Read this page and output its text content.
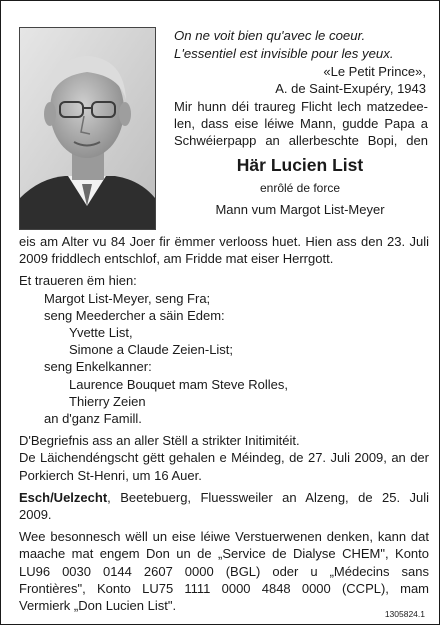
On ne voit bien qu'avec le coeur.
L'essentiel est invisible pour les yeux.
«Le Petit Prince»,
A. de Saint-Exupéry, 1943
Mir hunn déi traureg Flicht lech matzedee-
len, dass eise léiwe Mann, gudde Papa a
Schwéierpapp an allerbeschte Bopi, den
Här Lucien List
enrôlé de force
Mann vum Margot List-Meyer
eis am Alter vu 84 Joer fir ëmmer verlooss huet. Hien ass den 23. Juli
2009 friddlech entschlof, am Fridde mat eiser Herrgott.
Et traueren ëm hien:
Margot List-Meyer, seng Fra;
seng Meedercher a säin Edem:
Yvette List,
Simone a Claude Zeien-List;
seng Enkelkanner:
Laurence Bouquet mam Steve Rolles,
Thierry Zeien
an d'ganz Famill.
D'Begriefnis ass an aller Stëll a strikter Initimitéit.
De Läichendéngscht gëtt gehalen e Méindeg, de 27. Juli 2009, an der
Porkierch St-Henri, um 16 Auer.
Esch/Uelzecht, Beetebuerg, Fluessweiler an Alzeng, de 25. Juli
2009.
Wee besonnesch wëll un eise léiwe Verstuerwenen denken, kann dat
maache mat engem Don un de „Service de Dialyse CHEM", Konto
LU96 0030 0144 2607 0000 (BGL) oder u „Médecins sans
Frontières", Konto LU75 1111 0000 4848 0000 (CCPL), mam
Vermierk „Don Lucien List".
1305824.1
